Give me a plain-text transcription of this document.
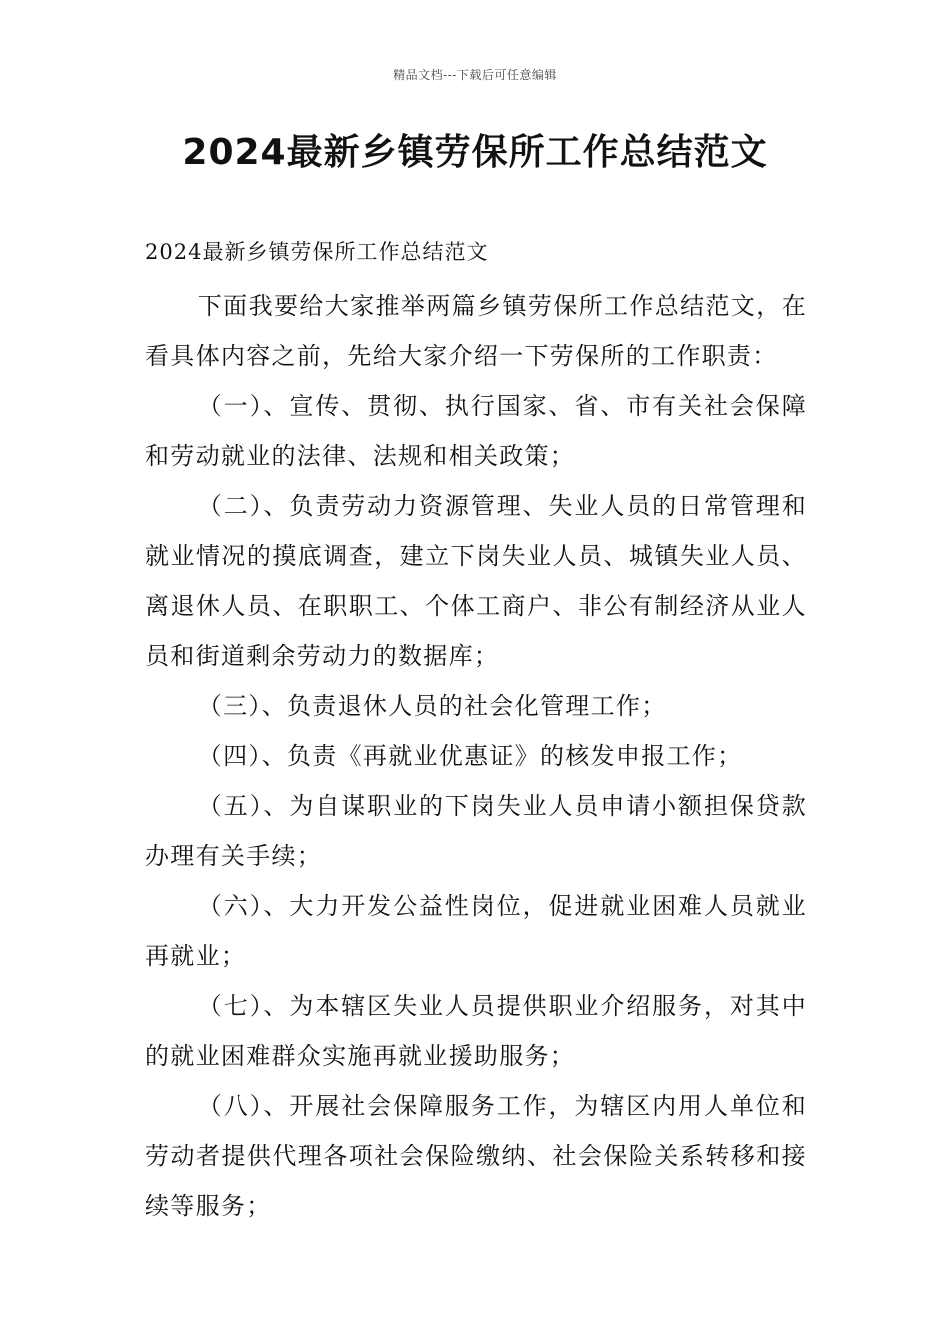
精品文档---下载后可任意编辑
2024最新乡镇劳保所工作总结范文
2024最新乡镇劳保所工作总结范文

下面我要给大家推举两篇乡镇劳保所工作总结范文，在看具体内容之前，先给大家介绍一下劳保所的工作职责：

（一）、宣传、贯彻、执行国家、省、市有关社会保障和劳动就业的法律、法规和相关政策；

（二）、负责劳动力资源管理、失业人员的日常管理和就业情况的摸底调查，建立下岗失业人员、城镇失业人员、离退休人员、在职职工、个体工商户、非公有制经济从业人员和街道剩余劳动力的数据库；

（三）、负责退休人员的社会化管理工作；

（四）、负责《再就业优惠证》的核发申报工作；

（五）、为自谋职业的下岗失业人员申请小额担保贷款办理有关手续；

（六）、大力开发公益性岗位，促进就业困难人员就业再就业；

（七）、为本辖区失业人员提供职业介绍服务，对其中的就业困难群众实施再就业援助服务；

（八）、开展社会保障服务工作，为辖区内用人单位和劳动者提供代理各项社会保险缴纳、社会保险关系转移和接续等服务；
